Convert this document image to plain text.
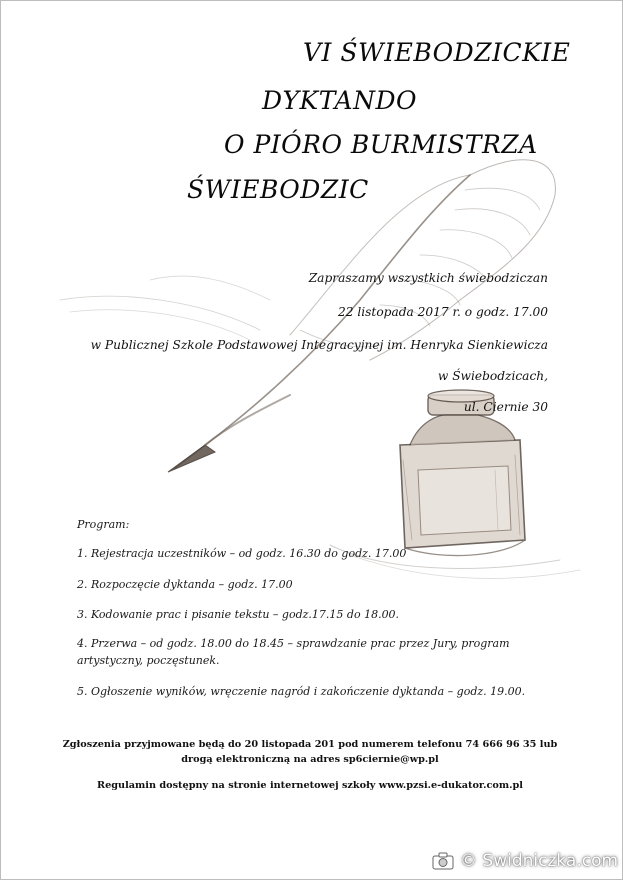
VI ŚWIEBODZICKIE
DYKTANDO
O PIÓRO BURMISTRZA
ŚWIEBODZIC
Zapraszamy wszystkich świebodziczan
22 listopada 2017 r. o godz. 17.00
w Publicznej Szkole Podstawowej Integracyjnej im. Henryka Sienkiewicza
w Świebodzicach,
ul. Ciernie 30
Program:
1. Rejestracja uczestników – od godz. 16.30 do godz. 17.00
2. Rozpoczęcie dyktanda – godz. 17.00
3. Kodowanie prac i pisanie tekstu – godz.17.15 do 18.00.
4. Przerwa – od godz. 18.00 do 18.45 – sprawdzanie prac przez Jury, program artystyczny, poczęstunek.
5. Ogłoszenie wyników, wręczenie nagród i zakończenie dyktanda – godz. 19.00.
Zgłoszenia przyjmowane będą do 20 listopada 201 pod numerem telefonu 74 666 96 35 lub drogą elektroniczną na adres sp6ciernie@wp.pl
Regulamin dostępny na stronie internetowej szkoły www.pzsi.e-dukator.com.pl
© Swidniczka.com
